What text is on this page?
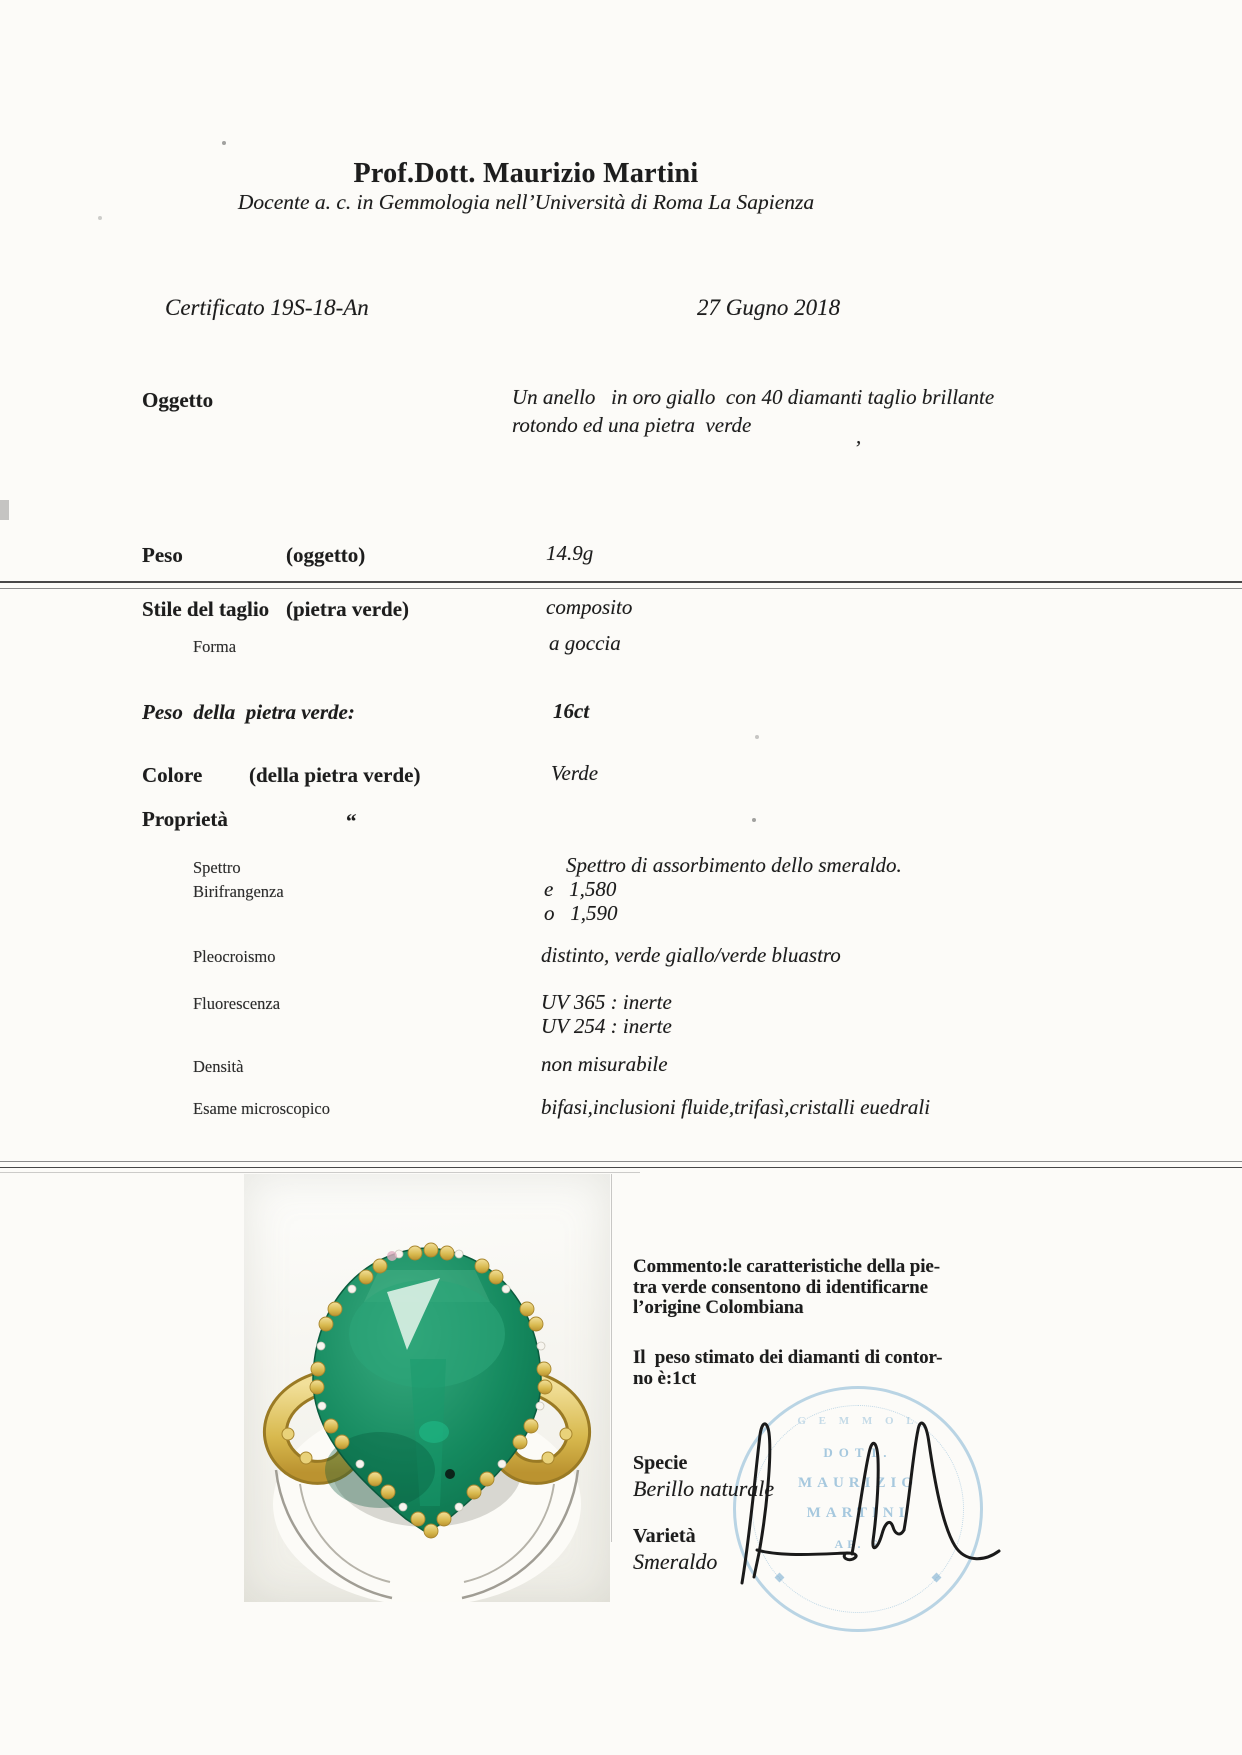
Prof.Dott. Maurizio Martini
Docente a. c. in Gemmologia nell’Università di Roma La Sapienza
Certificato 19S-18-An	27 Gugno 2018
Oggetto	Un anello   in oro giallo  con 40 diamanti taglio brillante
rotondo ed una pietra  verde	,
Peso	(oggetto)	14.9g
Stile del taglio (pietra verde)	composito
Forma	a goccia
Peso  della  pietra verde:	16ct
Colore (della pietra verde)	Verde
Proprietà	“
Spettro	Spettro di assorbimento dello smeraldo.
Birifrangenza	e   1,580
o   1,590
Pleocroismo	distinto, verde giallo/verde bluastro
Fluorescenza	UV 365 : inerte
UV 254 : inerte
Densità	non misurabile
Esame microscopico	bifasi,inclusioni fluide,trifasì,cristalli euedrali
Commento:le caratteristiche della pie-
tra verde consentono di identificarne
l’origine Colombiana
Il  peso stimato dei diamanti di contor-
no è:1ct
G E M M O L
DOTT.
MAURIZIO
MARTINI
AP. 6
Specie
Berillo naturale
Varietà
Smeraldo
